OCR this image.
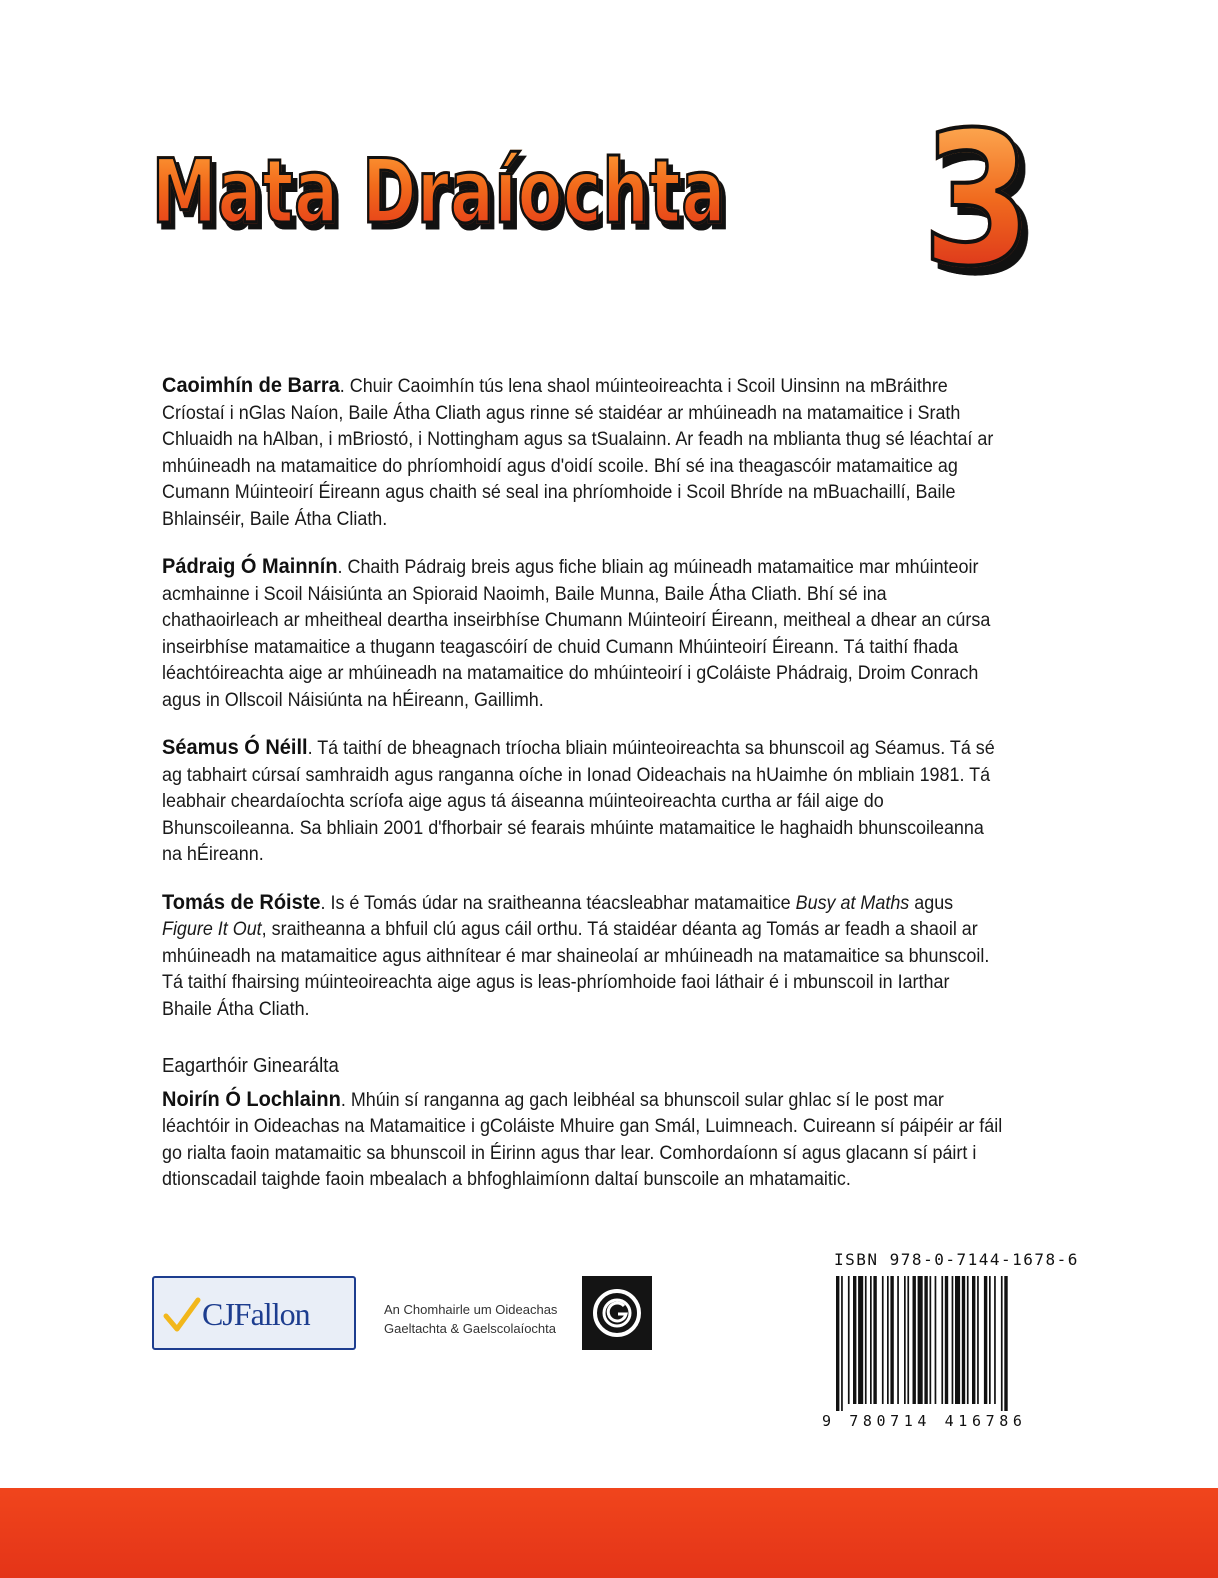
Mata Draíochta 3

Caoimhín de Barra. Chuir Caoimhín tús lena shaol múinteoireachta i Scoil Uinsinn na mBráithre Críostaí i nGlas Naíon, Baile Átha Cliath agus rinne sé staidéar ar mhúineadh na matamaitice i Srath Chluaidh na hAlban, i mBriostó, i Nottingham agus sa tSualainn. Ar feadh na mblianta thug sé léachtaí ar mhúineadh na matamaitice do phríomhoidí agus d'oidí scoile. Bhí sé ina theagascóir matamaitice ag Cumann Múinteoirí Éireann agus chaith sé seal ina phríomhoide i Scoil Bhríde na mBuachaillí, Baile Bhlainséir, Baile Átha Cliath.

Pádraig Ó Mainnín. Chaith Pádraig breis agus fiche bliain ag múineadh matamaitice mar mhúinteoir acmhainne i Scoil Náisiúnta an Spioraid Naoimh, Baile Munna, Baile Átha Cliath. Bhí sé ina chathaoirleach ar mheitheal deartha inseirbhíse Chumann Múinteoirí Éireann, meitheal a dhear an cúrsa inseirbhíse matamaitice a thugann teagascóirí de chuid Cumann Mhúinteoirí Éireann. Tá taithí fhada léachtóireachta aige ar mhúineadh na matamaitice do mhúinteoirí i gColáiste Phádraig, Droim Conrach agus in Ollscoil Náisiúnta na hÉireann, Gaillimh.

Séamus Ó Néill. Tá taithí de bheagnach tríocha bliain múinteoireachta sa bhunscoil ag Séamus. Tá sé ag tabhairt cúrsaí samhraidh agus ranganna oíche in Ionad Oideachais na hUaimhe ón mbliain 1981. Tá leabhair cheardaíochta scríofa aige agus tá áiseanna múinteoireachta curtha ar fáil aige do Bhunscoileanna. Sa bhliain 2001 d'fhorbair sé fearais mhúinte matamaitice le haghaidh bhunscoileanna na hÉireann.

Tomás de Róiste. Is é Tomás údar na sraitheanna téacsleabhar matamaitice Busy at Maths agus Figure It Out, sraitheanna a bhfuil clú agus cáil orthu. Tá staidéar déanta ag Tomás ar feadh a shaoil ar mhúineadh na matamaitice agus aithnítear é mar shaineolaí ar mhúineadh na matamaitice sa bhunscoil. Tá taithí fhairsing múinteoireachta aige agus is leas-phríomhoide faoi láthair é i mbunscoil in Iarthar Bhaile Átha Cliath.

Eagarthóir Ginearálta

Noirín Ó Lochlainn. Mhúin sí ranganna ag gach leibhéal sa bhunscoil sular ghlac sí le post mar léachtóir in Oideachas na Matamaitice i gColáiste Mhuire gan Smál, Luimneach. Cuireann sí páipéir ar fáil go rialta faoin matamaitic sa bhunscoil in Éirinn agus thar lear. Comhordaíonn sí agus glacann sí páirt i dtionscadail taighde faoin mbealach a bhfoghlaimíonn daltaí bunscoile an mhatamaitic.

CJFallon	An Chomhairle um Oideachas
Gaeltachta & Gaelscolaíochta
ISBN 978-0-7144-1678-6
9 780714 416786
